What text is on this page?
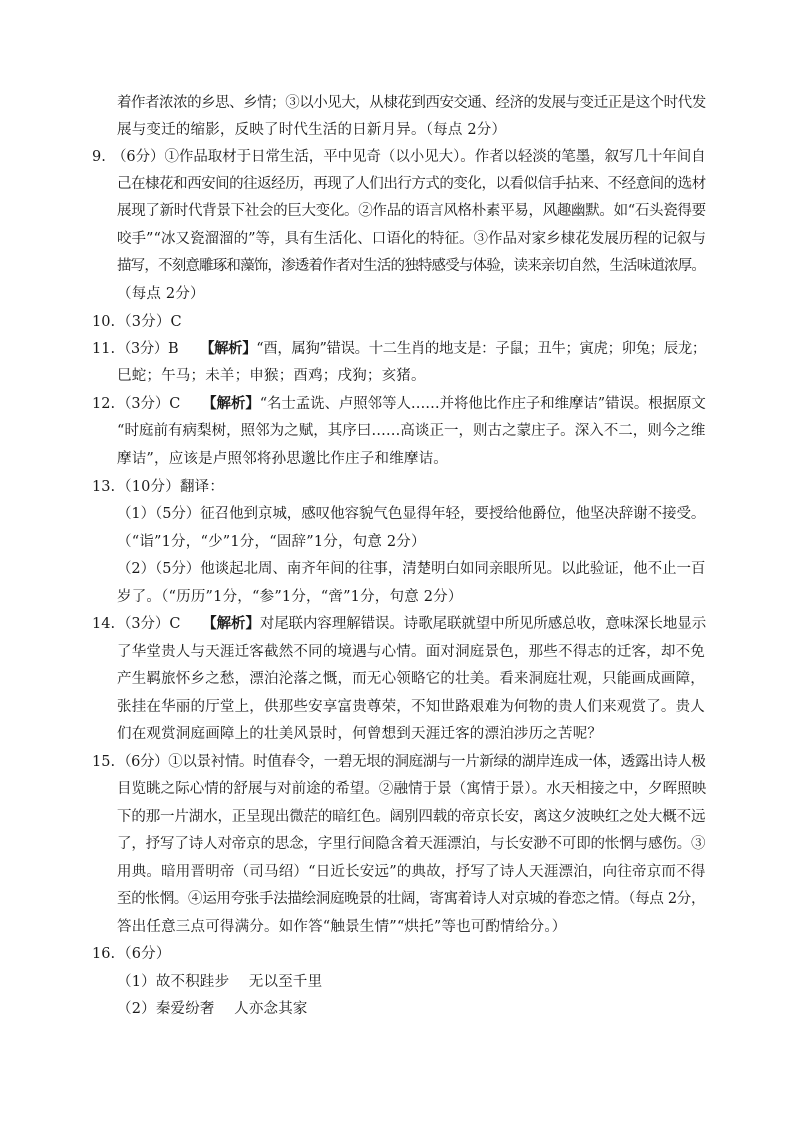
着作者浓浓的乡思、乡情；③以小见大，从棣花到西安交通、经济的发展与变迁正是这个时代发
展与变迁的缩影，反映了时代生活的日新月异。（每点 2分）
9. （6分）①作品取材于日常生活，平中见奇（以小见大）。作者以轻淡的笔墨，叙写几十年间自
己在棣花和西安间的往返经历，再现了人们出行方式的变化，以看似信手拈来、不经意间的选材
展现了新时代背景下社会的巨大变化。②作品的语言风格朴素平易，风趣幽默。如“石头瓷得要
咬手”“冰又瓷溜溜的”等，具有生活化、口语化的特征。③作品对家乡棣花发展历程的记叙与
描写，不刻意雕琢和藻饰，渗透着作者对生活的独特感受与体验，读来亲切自然，生活味道浓厚。
（每点 2分）
10. （3分）C
11. （3分）B 【解析】“酉，属狗”错误。十二生肖的地支是：子鼠；丑牛；寅虎；卯兔；辰龙；
巳蛇；午马；未羊；申猴；酉鸡；戌狗；亥猪。
12. （3分）C 【解析】“名士孟诜、卢照邻等人……并将他比作庄子和维摩诘”错误。根据原文
“时庭前有病梨树，照邻为之赋，其序曰……高谈正一，则古之蒙庄子。深入不二，则今之维
摩诘”，应该是卢照邻将孙思邈比作庄子和维摩诘。
13. （10分）翻译：
（1）（5分）征召他到京城，感叹他容貌气色显得年轻，要授给他爵位，他坚决辞谢不接受。
（“诣”1分，“少”1分，“固辞”1分，句意 2分）
（2）（5分）他谈起北周、南齐年间的往事，清楚明白如同亲眼所见。以此验证，他不止一百
岁了。（“历历”1分，“参”1分，“啻”1分，句意 2分）
14. （3分）C 【解析】对尾联内容理解错误。诗歌尾联就望中所见所感总收，意味深长地显示
了华堂贵人与天涯迁客截然不同的境遇与心情。面对洞庭景色，那些不得志的迁客，却不免
产生羁旅怀乡之愁，漂泊沦落之慨，而无心领略它的壮美。看来洞庭壮观，只能画成画障，
张挂在华丽的厅堂上，供那些安享富贵尊荣，不知世路艰难为何物的贵人们来观赏了。贵人
们在观赏洞庭画障上的壮美风景时，何曾想到天涯迁客的漂泊涉历之苦呢？
15. （6分）①以景衬情。时值春令，一碧无垠的洞庭湖与一片新绿的湖岸连成一体，透露出诗人极
目览眺之际心情的舒展与对前途的希望。②融情于景（寓情于景）。水天相接之中，夕晖照映
下的那一片湖水，正呈现出微茫的暗红色。阔别四载的帝京长安，离这夕波映红之处大概不远
了，抒写了诗人对帝京的思念，字里行间隐含着天涯漂泊，与长安渺不可即的怅惘与感伤。③
用典。暗用晋明帝（司马绍）“日近长安远”的典故，抒写了诗人天涯漂泊，向往帝京而不得
至的怅惘。④运用夸张手法描绘洞庭晚景的壮阔，寄寓着诗人对京城的眷恋之情。（每点 2分，
答出任意三点可得满分。如作答“触景生情”“烘托”等也可酌情给分。）
16. （6分）
（1）故不积跬步　 无以至千里
（2）秦爱纷奢　 人亦念其家
